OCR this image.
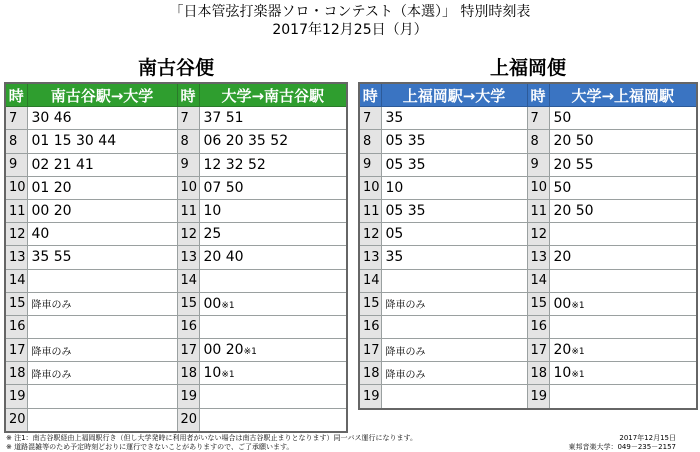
「日本管弦打楽器ソロ・コンテスト（本選）」 特別時刻表
2017年12月25日（月）
南古谷便
時	南古谷駅→大学	時	大学→南古谷駅
7	30 46	7	37 51
8	01 15 30 44	8	06 20 35 52
9	02 21 41	9	12 32 52
10	01 20	10	07 50
11	00 20	11	10
12	40	12	25
13	35 55	13	20 40
14		14	
15	降車のみ	15	00※1
16		16	
17	降車のみ	17	00 20※1
18	降車のみ	18	10※1
19		19	
20		20	
上福岡便
時	上福岡駅→大学	時	大学→上福岡駅
7	35	7	50
8	05 35	8	20 50
9	05 35	9	20 55
10	10	10	50
11	05 35	11	20 50
12	05	12	
13	35	13	20
14		14	
15	降車のみ	15	00※1
16		16	
17	降車のみ	17	20※1
18	降車のみ	18	10※1
19		19	
※ 注1：南古谷駅経由上福岡駅行き（但し大学発時に利用者がいない場合は南古谷駅止まりとなります）同一バス運行になります。
※ 道路混雑等のため予定時刻どおりに運行できないことがありますので、ご了承願います。
2017年12月15日
東邦音楽大学：049－235－2157
